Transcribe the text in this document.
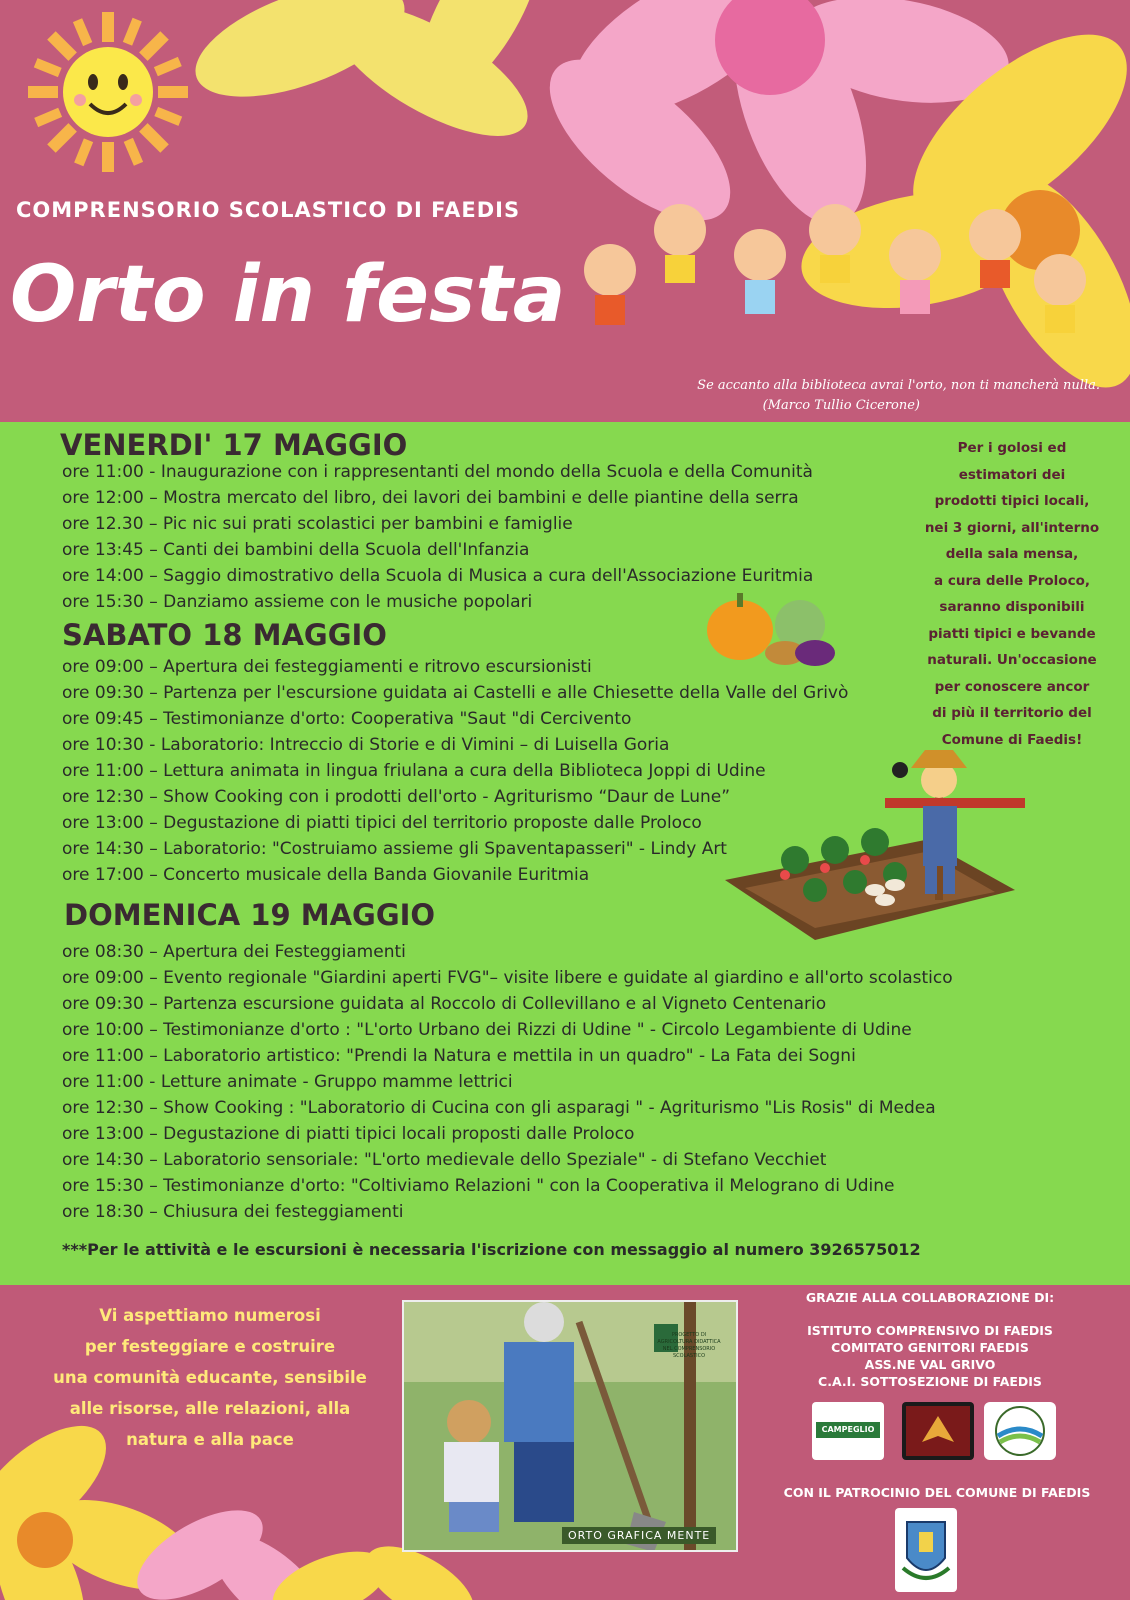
COMPRENSORIO SCOLASTICO DI FAEDIS
Orto in festa
Se accanto alla biblioteca avrai l'orto, non ti mancherà nulla.
(Marco Tullio Cicerone)
VENERDI' 17 MAGGIO
ore 11:00 - Inaugurazione con i rappresentanti del mondo della Scuola e della Comunità
ore 12:00 – Mostra mercato del libro, dei lavori dei bambini e delle piantine della serra
ore 12.30 – Pic nic sui prati scolastici per bambini e famiglie
ore 13:45 – Canti dei bambini della Scuola dell'Infanzia
ore 14:00 – Saggio dimostrativo della Scuola di Musica a cura dell'Associazione Euritmia
ore 15:30 – Danziamo assieme con le musiche popolari
SABATO 18 MAGGIO
ore 09:00 – Apertura dei festeggiamenti e ritrovo escursionisti
ore 09:30 – Partenza per l'escursione guidata ai Castelli e alle Chiesette della Valle del Grivò
ore 09:45 – Testimonianze d'orto: Cooperativa "Saut "di Cercivento
ore 10:30 - Laboratorio: Intreccio di Storie e di Vimini – di Luisella Goria
ore 11:00 – Lettura animata in lingua friulana a cura della Biblioteca Joppi di Udine
ore 12:30 – Show Cooking con i prodotti dell'orto - Agriturismo “Daur de Lune”
ore 13:00 – Degustazione di piatti tipici del territorio proposte dalle Proloco
ore 14:30 – Laboratorio: "Costruiamo assieme gli Spaventapasseri" - Lindy Art
ore 17:00 – Concerto musicale della Banda Giovanile Euritmia
DOMENICA 19 MAGGIO
ore 08:30 – Apertura dei Festeggiamenti
ore 09:00 – Evento regionale "Giardini aperti FVG"– visite libere e guidate al giardino e all'orto scolastico
ore 09:30 – Partenza escursione guidata al Roccolo di Collevillano e al Vigneto Centenario
ore 10:00 – Testimonianze d'orto : "L'orto Urbano dei Rizzi di Udine " - Circolo Legambiente di Udine
ore 11:00 – Laboratorio artistico: "Prendi la Natura e mettila in un quadro" - La Fata dei Sogni
ore 11:00 - Letture animate - Gruppo mamme lettrici
ore 12:30 – Show Cooking : "Laboratorio di Cucina con gli asparagi " - Agriturismo "Lis Rosis" di Medea
ore 13:00 – Degustazione di piatti tipici locali proposti dalle Proloco
ore 14:30 – Laboratorio sensoriale: "L'orto medievale dello Speziale" - di Stefano Vecchiet
ore 15:30 – Testimonianze d'orto: "Coltiviamo Relazioni " con la Cooperativa il Melograno di Udine
ore 18:30 – Chiusura dei festeggiamenti
Per i golosi ed
estimatori dei
prodotti tipici locali,
nei 3 giorni, all'interno
della sala mensa,
a cura delle Proloco,
saranno disponibili
piatti tipici e bevande
naturali. Un'occasione
per conoscere ancor
di più il territorio del
Comune di Faedis!
***Per le attività e le escursioni è necessaria l'iscrizione con messaggio al numero 3926575012
Vi aspettiamo numerosi
per festeggiare e costruire
una comunità educante, sensibile
alle risorse, alle relazioni, alla
natura e alla pace
PROGETTO DI AGRICOLTURA DIDATTICA NEL COMPRENSORIO SCOLASTICO
ORTO GRAFICA MENTE
GRAZIE ALLA COLLABORAZIONE DI:
ISTITUTO COMPRENSIVO DI FAEDIS
COMITATO GENITORI FAEDIS
ASS.NE VAL GRIVO
C.A.I. SOTTOSEZIONE DI FAEDIS
CAMPEGLIO
CON IL PATROCINIO DEL COMUNE DI FAEDIS
